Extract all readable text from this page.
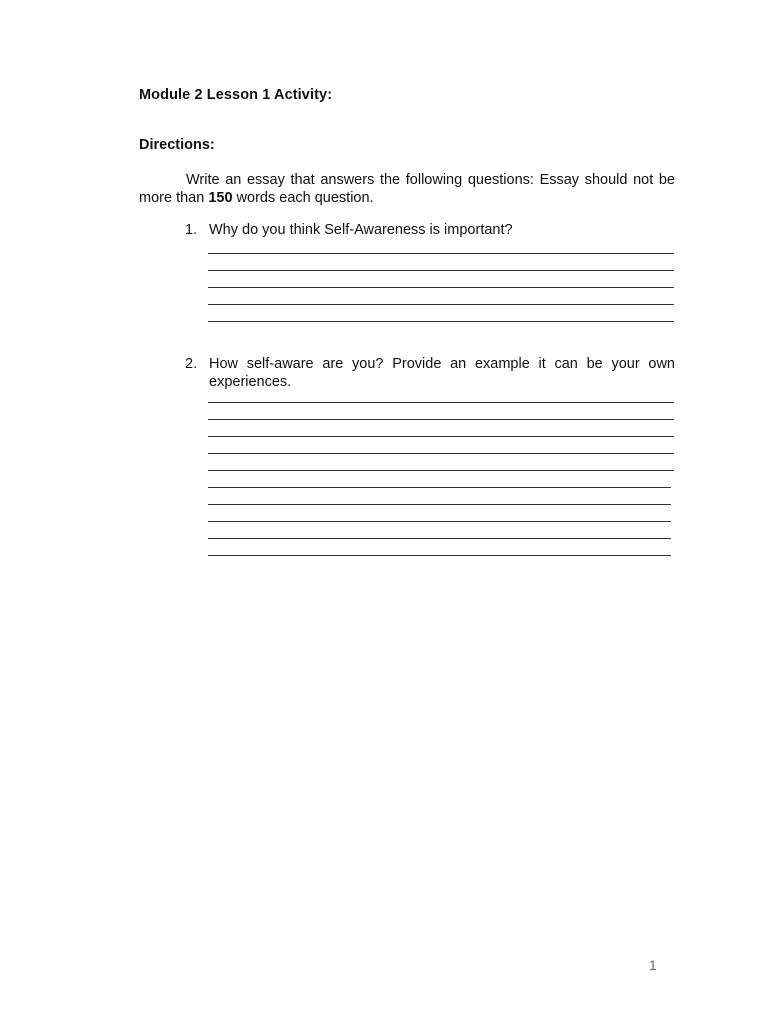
Module 2 Lesson 1 Activity:
Directions:
Write an essay that answers the following questions: Essay should not be more than 150 words each question.
1. Why do you think Self-Awareness is important?
2. How self-aware are you? Provide an example it can be your own experiences.
1
